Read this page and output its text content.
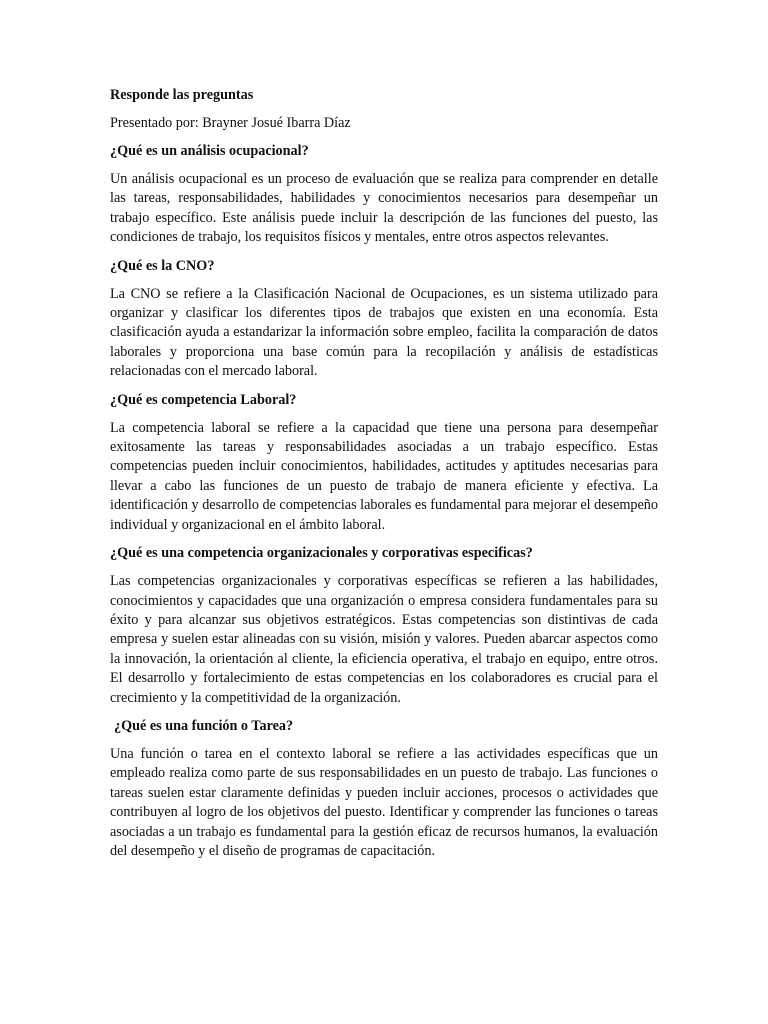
Responde las preguntas
Presentado por: Brayner Josué Ibarra Díaz
¿Qué es un análisis ocupacional?
Un análisis ocupacional es un proceso de evaluación que se realiza para comprender en detalle las tareas, responsabilidades, habilidades y conocimientos necesarios para desempeñar un trabajo específico. Este análisis puede incluir la descripción de las funciones del puesto, las condiciones de trabajo, los requisitos físicos y mentales, entre otros aspectos relevantes.
¿Qué es la CNO?
La CNO se refiere a la Clasificación Nacional de Ocupaciones, es un sistema utilizado para organizar y clasificar los diferentes tipos de trabajos que existen en una economía. Esta clasificación ayuda a estandarizar la información sobre empleo, facilita la comparación de datos laborales y proporciona una base común para la recopilación y análisis de estadísticas relacionadas con el mercado laboral.
¿Qué es competencia Laboral?
La competencia laboral se refiere a la capacidad que tiene una persona para desempeñar exitosamente las tareas y responsabilidades asociadas a un trabajo específico. Estas competencias pueden incluir conocimientos, habilidades, actitudes y aptitudes necesarias para llevar a cabo las funciones de un puesto de trabajo de manera eficiente y efectiva. La identificación y desarrollo de competencias laborales es fundamental para mejorar el desempeño individual y organizacional en el ámbito laboral.
¿Qué es una competencia organizacionales y corporativas especificas?
Las competencias organizacionales y corporativas específicas se refieren a las habilidades, conocimientos y capacidades que una organización o empresa considera fundamentales para su éxito y para alcanzar sus objetivos estratégicos. Estas competencias son distintivas de cada empresa y suelen estar alineadas con su visión, misión y valores. Pueden abarcar aspectos como la innovación, la orientación al cliente, la eficiencia operativa, el trabajo en equipo, entre otros. El desarrollo y fortalecimiento de estas competencias en los colaboradores es crucial para el crecimiento y la competitividad de la organización.
¿Qué es una función o Tarea?
Una función o tarea en el contexto laboral se refiere a las actividades específicas que un empleado realiza como parte de sus responsabilidades en un puesto de trabajo. Las funciones o tareas suelen estar claramente definidas y pueden incluir acciones, procesos o actividades que contribuyen al logro de los objetivos del puesto. Identificar y comprender las funciones o tareas asociadas a un trabajo es fundamental para la gestión eficaz de recursos humanos, la evaluación del desempeño y el diseño de programas de capacitación.
